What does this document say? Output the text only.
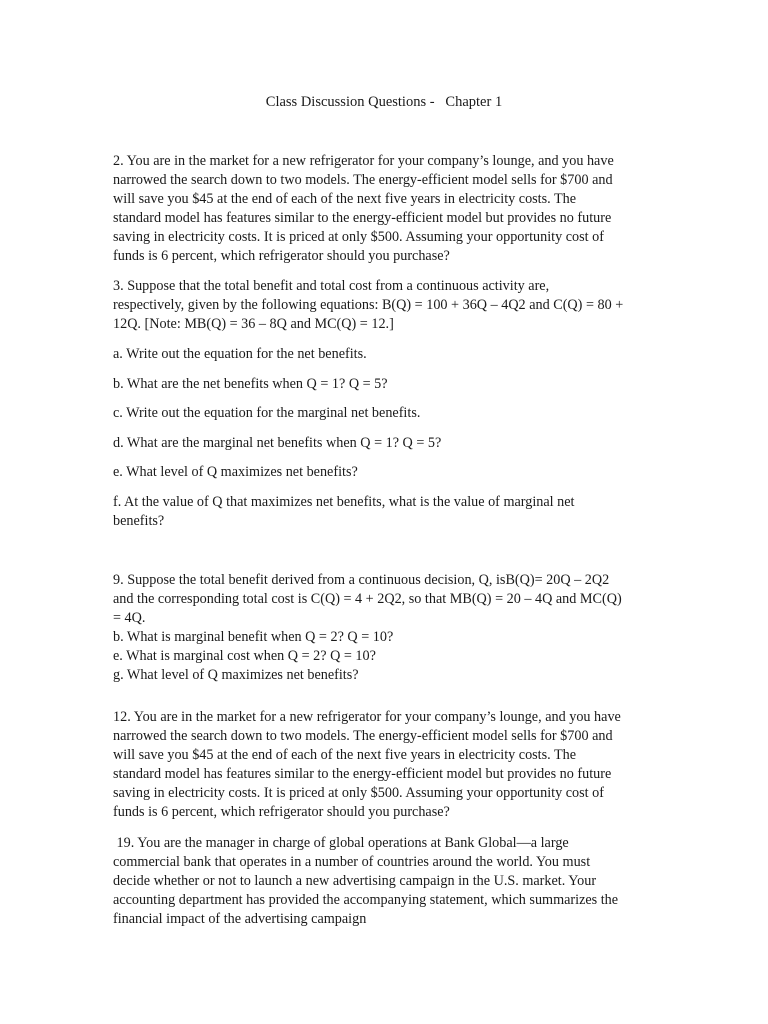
Class Discussion Questions -   Chapter 1
2. You are in the market for a new refrigerator for your company’s lounge, and you have
narrowed the search down to two models. The energy-efficient model sells for $700 and
will save you $45 at the end of each of the next five years in electricity costs. The
standard model has features similar to the energy-efficient model but provides no future
saving in electricity costs. It is priced at only $500. Assuming your opportunity cost of
funds is 6 percent, which refrigerator should you purchase?
3. Suppose that the total benefit and total cost from a continuous activity are,
respectively, given by the following equations: B(Q) = 100 + 36Q – 4Q2 and C(Q) = 80 +
12Q. [Note: MB(Q) = 36 – 8Q and MC(Q) = 12.]
a. Write out the equation for the net benefits.
b. What are the net benefits when Q = 1? Q = 5?
c. Write out the equation for the marginal net benefits.
d. What are the marginal net benefits when Q = 1? Q = 5?
e. What level of Q maximizes net benefits?
f. At the value of Q that maximizes net benefits, what is the value of marginal net
benefits?
9. Suppose the total benefit derived from a continuous decision, Q, isB(Q)= 20Q – 2Q2
and the corresponding total cost is C(Q) = 4 + 2Q2, so that MB(Q) = 20 – 4Q and MC(Q)
= 4Q.
b. What is marginal benefit when Q = 2? Q = 10?
e. What is marginal cost when Q = 2? Q = 10?
g. What level of Q maximizes net benefits?
12. You are in the market for a new refrigerator for your company’s lounge, and you have
narrowed the search down to two models. The energy-efficient model sells for $700 and
will save you $45 at the end of each of the next five years in electricity costs. The
standard model has features similar to the energy-efficient model but provides no future
saving in electricity costs. It is priced at only $500. Assuming your opportunity cost of
funds is 6 percent, which refrigerator should you purchase?
19. You are the manager in charge of global operations at Bank Global—a large
commercial bank that operates in a number of countries around the world. You must
decide whether or not to launch a new advertising campaign in the U.S. market. Your
accounting department has provided the accompanying statement, which summarizes the
financial impact of the advertising campaign
